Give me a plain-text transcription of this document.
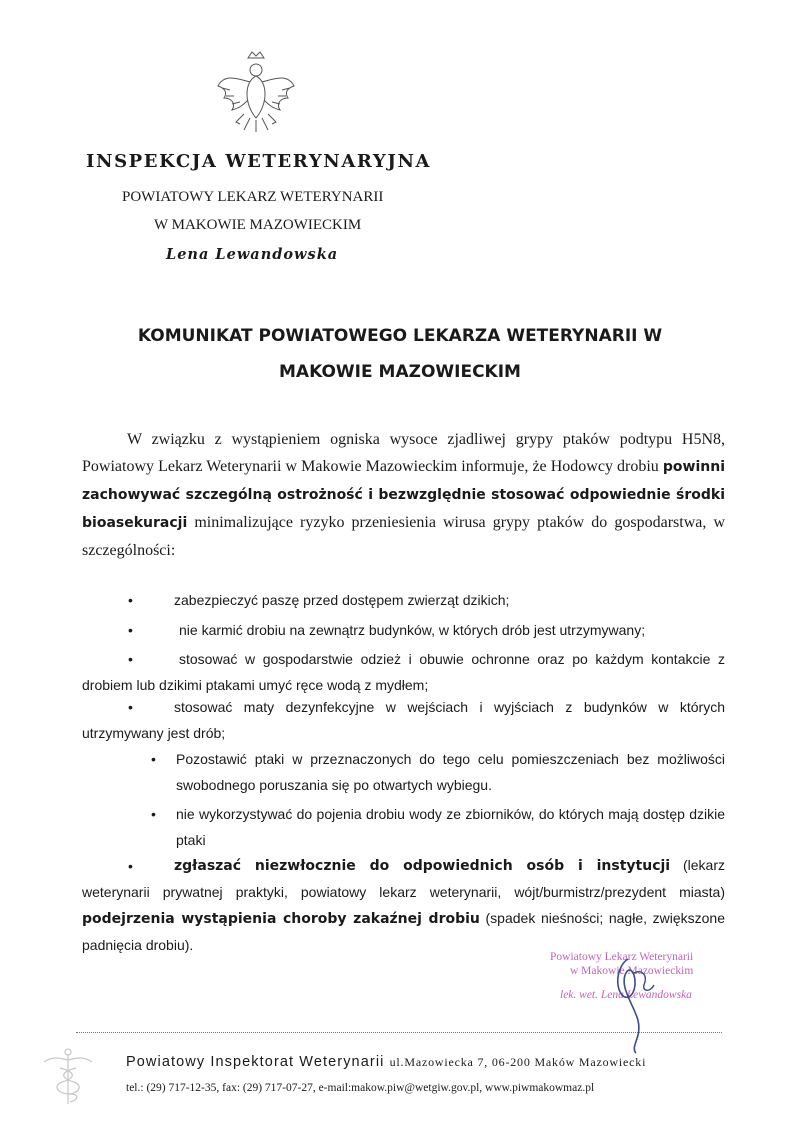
INSPEKCJA WETERYNARYJNA
POWIATOWY LEKARZ WETERYNARII
W MAKOWIE MAZOWIECKIM
Lena Lewandowska
KOMUNIKAT POWIATOWEGO LEKARZA WETERYNARII W
MAKOWIE MAZOWIECKIM

W związku z wystąpieniem ogniska wysoce zjadliwej grypy ptaków podtypu H5N8, Powiatowy Lekarz Weterynarii w Makowie Mazowieckim informuje, że Hodowcy drobiu powinni zachowywać szczególną ostrożność i bezwzględnie stosować odpowiednie środki bioasekuracji minimalizujące ryzyko przeniesienia wirusa grypy ptaków do gospodarstwa, w szczególności:

•	zabezpieczyć paszę przed dostępem zwierząt dzikich;

•	nie karmić drobiu na zewnątrz budynków, w których drób jest utrzymywany;

•	stosować w gospodarstwie odzież i obuwie ochronne oraz po każdym kontakcie z drobiem lub dzikimi ptakami umyć ręce wodą z mydłem;

•	stosować maty dezynfekcyjne w wejściach i wyjściach z budynków w których utrzymywany jest drób;

• Pozostawić ptaki w przeznaczonych do tego celu pomieszczeniach bez możliwości swobodnego poruszania się po otwartych wybiegu.

• nie wykorzystywać do pojenia drobiu wody ze zbiorników, do których mają dostęp dzikie ptaki

•	zgłaszać niezwłocznie do odpowiednich osób i instytucji (lekarz weterynarii prywatnej praktyki, powiatowy lekarz weterynarii, wójt/burmistrz/prezydent miasta) podejrzenia wystąpienia choroby zakaźnej drobiu (spadek nieśności; nagłe, zwiększone padnięcia drobiu).

Powiatowy Lekarz Weterynarii
w Makowie Mazowieckim
lek. wet. Lena Lewandowska
Powiatowy Inspektorat Weterynarii ul.Mazowiecka 7, 06-200 Maków Mazowiecki
tel.: (29) 717-12-35, fax: (29) 717-07-27, e-mail:makow.piw@wetgiw.gov.pl, www.piwmakowmaz.pl
